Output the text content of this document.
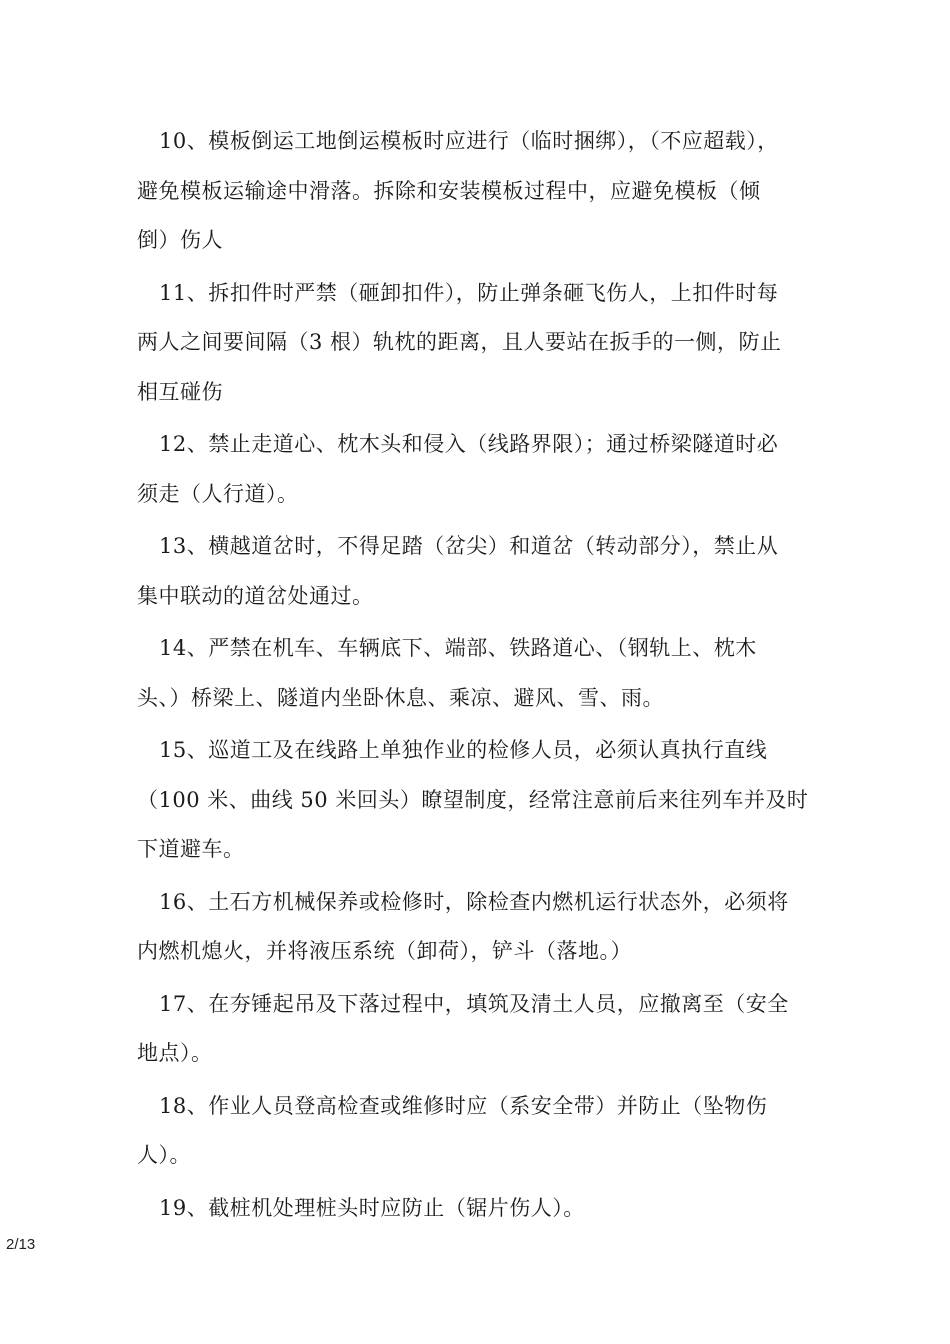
10、模板倒运工地倒运模板时应进行（临时捆绑），（不应超载），
避免模板运输途中滑落。拆除和安装模板过程中，应避免模板（倾
倒）伤人

11、拆扣件时严禁（砸卸扣件），防止弹条砸飞伤人，上扣件时每
两人之间要间隔（3 根）轨枕的距离，且人要站在扳手的一侧，防止
相互碰伤

12、禁止走道心、枕木头和侵入（线路界限）；通过桥梁隧道时必
须走（人行道）。

13、横越道岔时，不得足踏（岔尖）和道岔（转动部分），禁止从
集中联动的道岔处通过。

14、严禁在机车、车辆底下、端部、铁路道心、（钢轨上、枕木
头、）桥梁上、隧道内坐卧休息、乘凉、避风、雪、雨。

15、巡道工及在线路上单独作业的检修人员，必须认真执行直线
（100 米、曲线 50 米回头）瞭望制度，经常注意前后来往列车并及时
下道避车。

16、土石方机械保养或检修时，除检查内燃机运行状态外，必须将
内燃机熄火，并将液压系统（卸荷），铲斗（落地。）

17、在夯锤起吊及下落过程中，填筑及清土人员，应撤离至（安全
地点）。

18、作业人员登高检查或维修时应（系安全带）并防止（坠物伤
人）。

19、截桩机处理桩头时应防止（锯片伤人）。

2/13
